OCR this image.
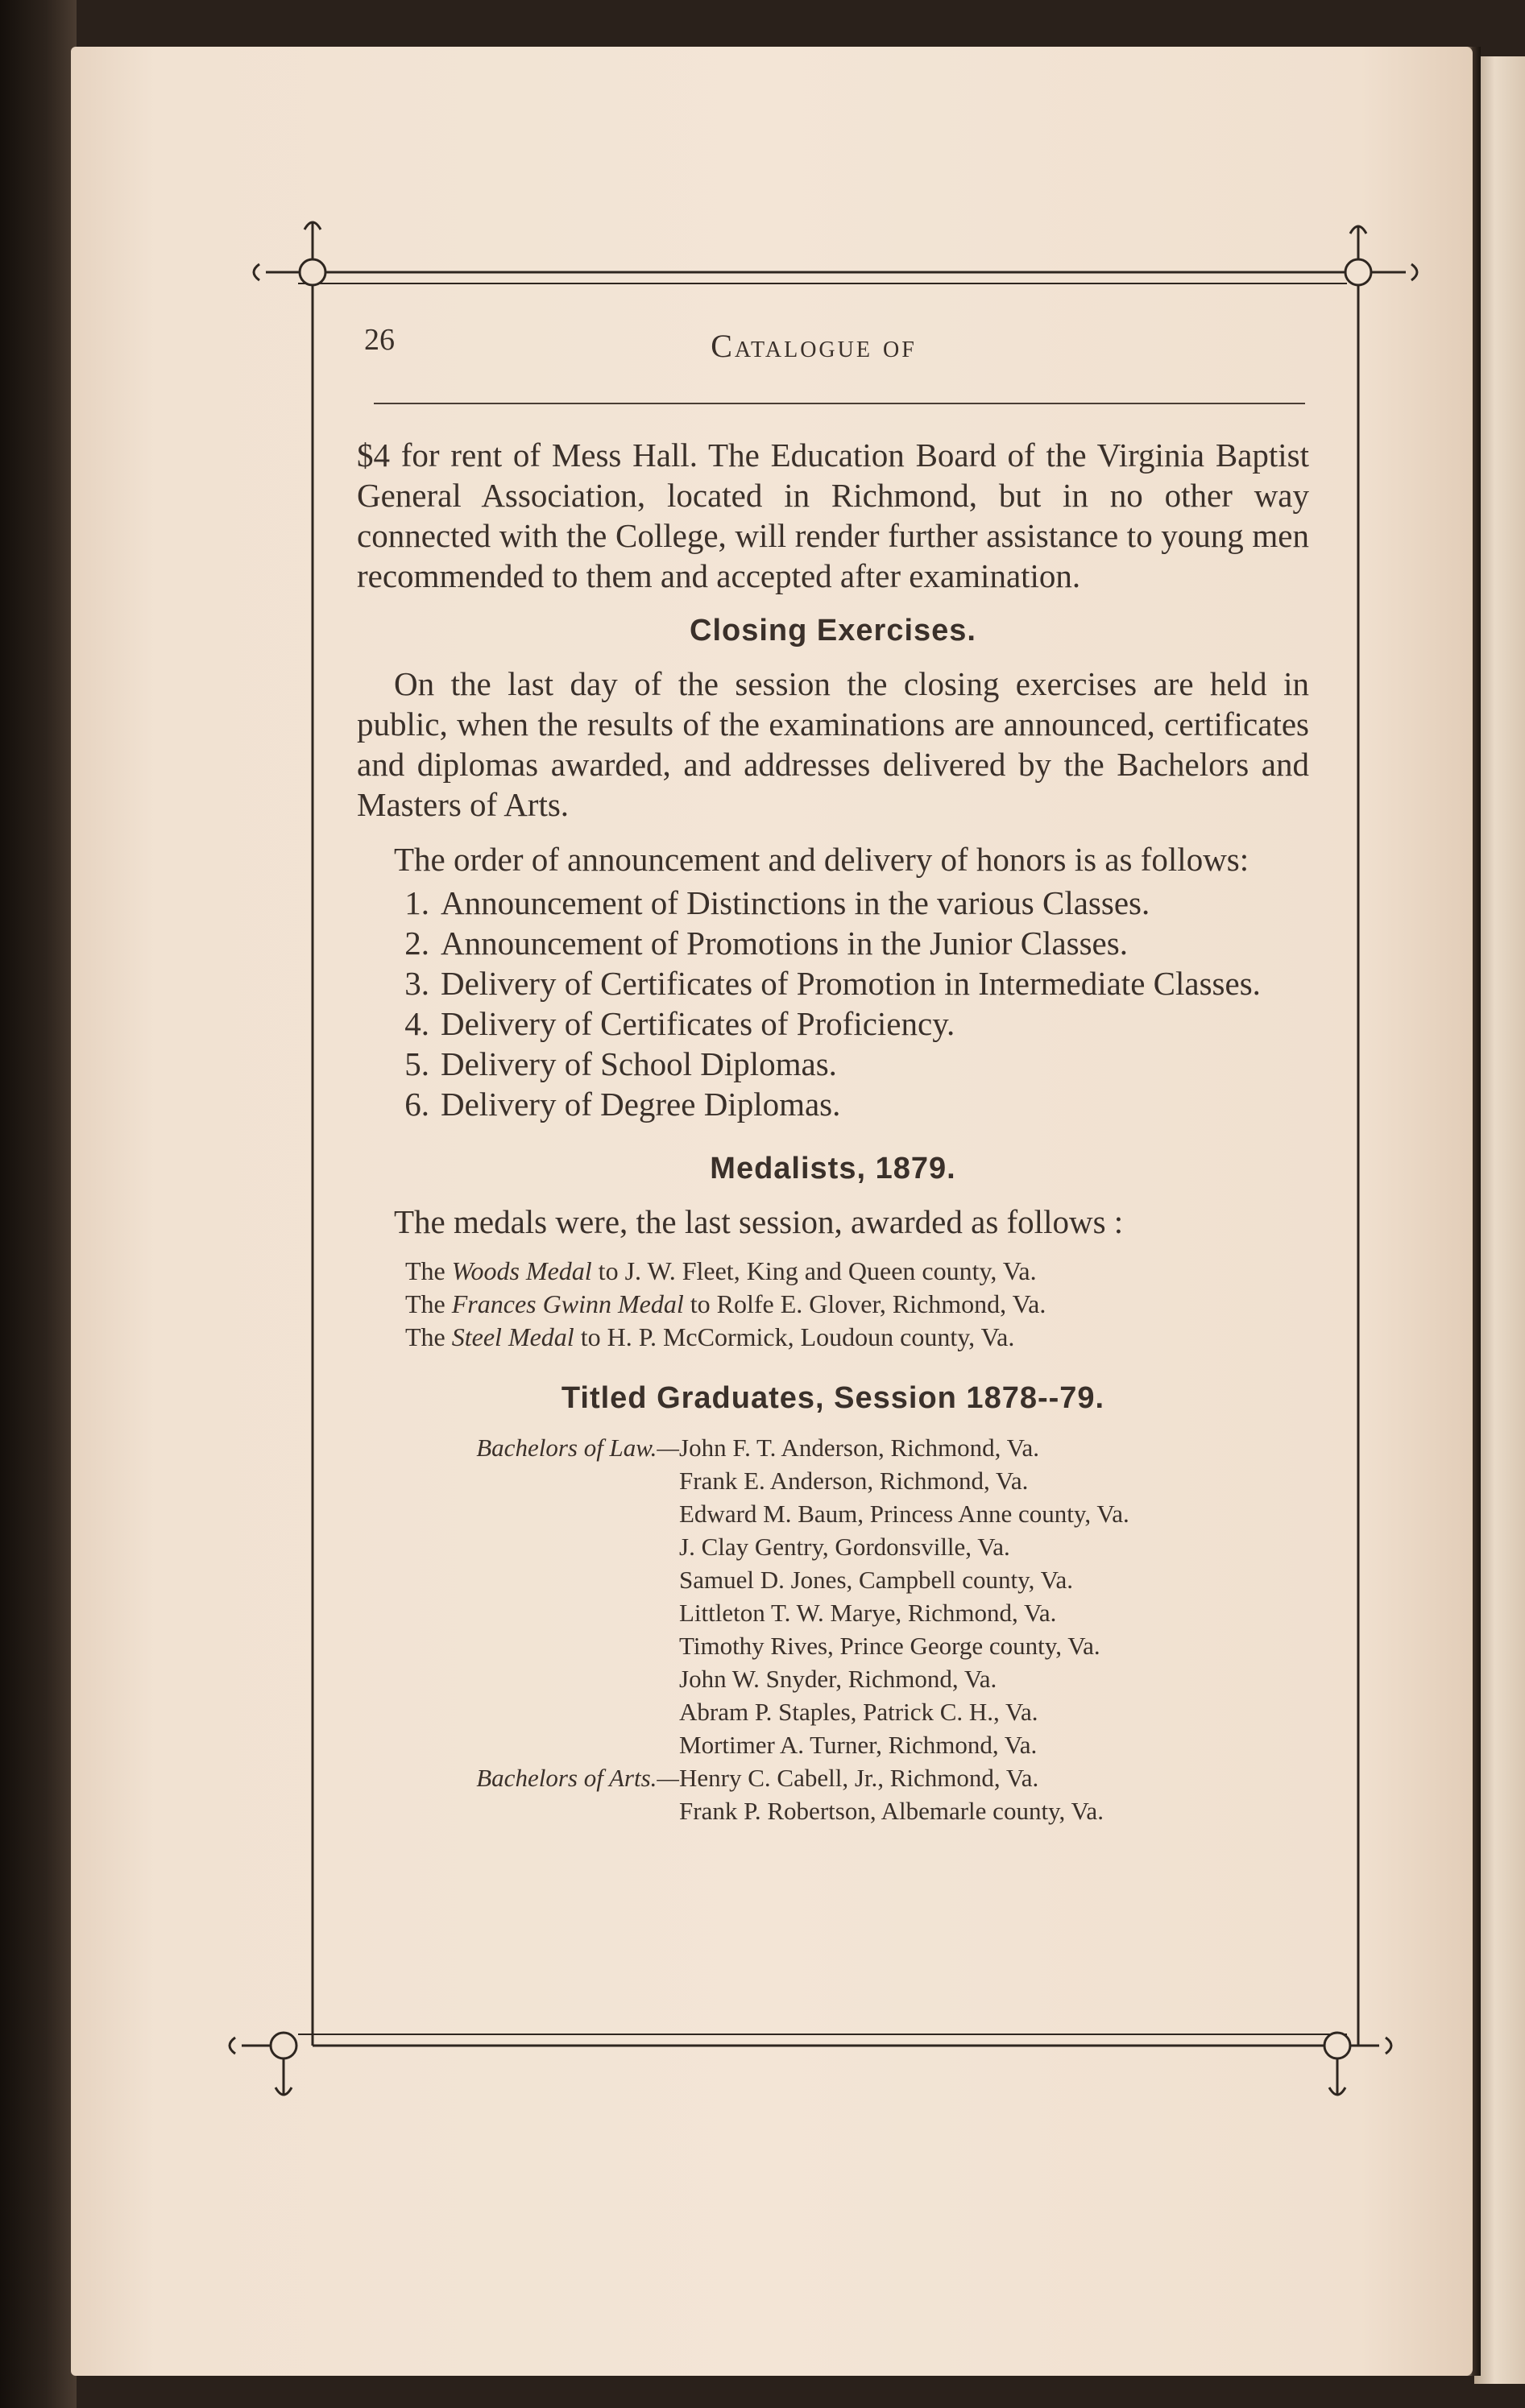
26	Catalogue of

$4 for rent of Mess Hall. The Education Board of the Virginia Baptist General Association, located in Richmond, but in no other way connected with the College, will render further assistance to young men recommended to them and accepted after examination.

Closing Exercises.

On the last day of the session the closing exercises are held in public, when the results of the examinations are announced, certificates and diplomas awarded, and addresses delivered by the Bachelors and Masters of Arts.

The order of announcement and delivery of honors is as follows:

1. Announcement of Distinctions in the various Classes.
2. Announcement of Promotions in the Junior Classes.
3. Delivery of Certificates of Promotion in Intermediate Classes.
4. Delivery of Certificates of Proficiency.
5. Delivery of School Diplomas.
6. Delivery of Degree Diplomas.
Medalists, 1879.

The medals were, the last session, awarded as follows :

The Woods Medal to J. W. Fleet, King and Queen county, Va.
The Frances Gwinn Medal to Rolfe E. Glover, Richmond, Va.
The Steel Medal to H. P. McCormick, Loudoun county, Va.
Titled Graduates, Session 1878--79.
Bachelors of Law.— John F. T. Anderson, Richmond, Va.
Frank E. Anderson, Richmond, Va.
Edward M. Baum, Princess Anne county, Va.
J. Clay Gentry, Gordonsville, Va.
Samuel D. Jones, Campbell county, Va.
Littleton T. W. Marye, Richmond, Va.
Timothy Rives, Prince George county, Va.
John W. Snyder, Richmond, Va.
Abram P. Staples, Patrick C. H., Va.
Mortimer A. Turner, Richmond, Va.
Bachelors of Arts.— Henry C. Cabell, Jr., Richmond, Va.
Frank P. Robertson, Albemarle county, Va.
